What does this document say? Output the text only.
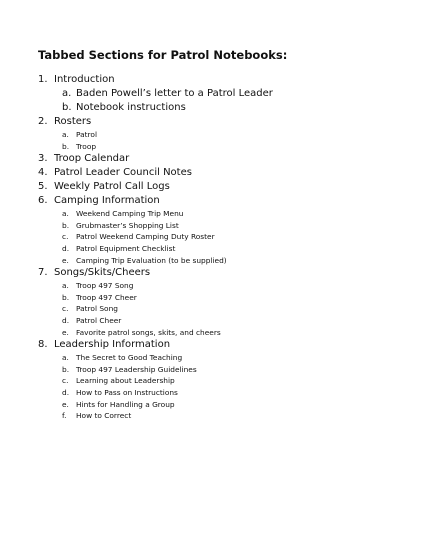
Tabbed Sections for Patrol Notebooks:
1. Introduction
a. Baden Powell’s letter to a Patrol Leader
b. Notebook instructions
2. Rosters
a. Patrol
b. Troop
3. Troop Calendar
4. Patrol Leader Council Notes
5. Weekly Patrol Call Logs
6. Camping Information
a. Weekend Camping Trip Menu
b. Grubmaster’s Shopping List
c.	Patrol Weekend Camping Duty Roster
d. Patrol Equipment Checklist
e. Camping Trip Evaluation (to be supplied)
7. Songs/Skits/Cheers
a. Troop 497 Song
b. Troop 497 Cheer
c.	Patrol Song
d. Patrol Cheer
e. Favorite patrol songs, skits, and cheers
8. Leadership Information
a. The Secret to Good Teaching
b. Troop 497 Leadership Guidelines
c.	Learning about Leadership
d. How to Pass on Instructions
e. Hints for Handling a Group
f.	How to Correct
